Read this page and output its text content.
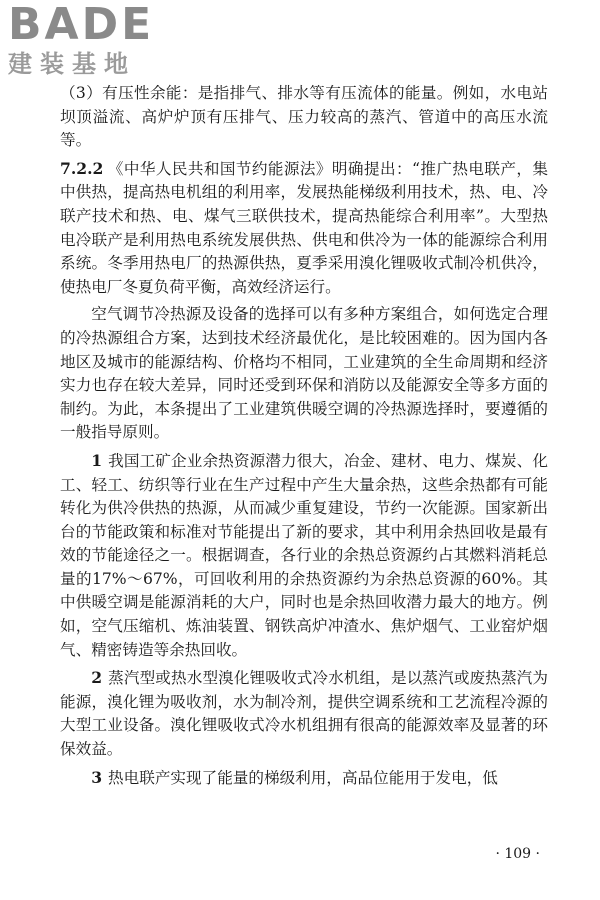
BADE
建装基地

（3）有压性余能：是指排气、排水等有压流体的能量。例如，水电站坝顶溢流、高炉炉顶有压排气、压力较高的蒸汽、管道中的高压水流等。

7.2.2 《中华人民共和国节约能源法》明确提出：“推广热电联产，集中供热，提高热电机组的利用率，发展热能梯级利用技术，热、电、冷联产技术和热、电、煤气三联供技术，提高热能综合利用率”。大型热电冷联产是利用热电系统发展供热、供电和供冷为一体的能源综合利用系统。冬季用热电厂的热源供热，夏季采用溴化锂吸收式制冷机供冷，使热电厂冬夏负荷平衡，高效经济运行。

空气调节冷热源及设备的选择可以有多种方案组合，如何选定合理的冷热源组合方案，达到技术经济最优化，是比较困难的。因为国内各地区及城市的能源结构、价格均不相同，工业建筑的全生命周期和经济实力也存在较大差异，同时还受到环保和消防以及能源安全等多方面的制约。为此，本条提出了工业建筑供暖空调的冷热源选择时，要遵循的一般指导原则。

1 我国工矿企业余热资源潜力很大，冶金、建材、电力、煤炭、化工、轻工、纺织等行业在生产过程中产生大量余热，这些余热都有可能转化为供冷供热的热源，从而减少重复建设，节约一次能源。国家新出台的节能政策和标准对节能提出了新的要求，其中利用余热回收是最有效的节能途径之一。根据调查，各行业的余热总资源约占其燃料消耗总量的17%～67%，可回收利用的余热资源约为余热总资源的60%。其中供暖空调是能源消耗的大户，同时也是余热回收潜力最大的地方。例如，空气压缩机、炼油装置、钢铁高炉冲渣水、焦炉烟气、工业窑炉烟气、精密铸造等余热回收。

2 蒸汽型或热水型溴化锂吸收式冷水机组，是以蒸汽或废热蒸汽为能源，溴化锂为吸收剂，水为制冷剂，提供空调系统和工艺流程冷源的大型工业设备。溴化锂吸收式冷水机组拥有很高的能源效率及显著的环保效益。

3 热电联产实现了能量的梯级利用，高品位能用于发电，低

· 109 ·
